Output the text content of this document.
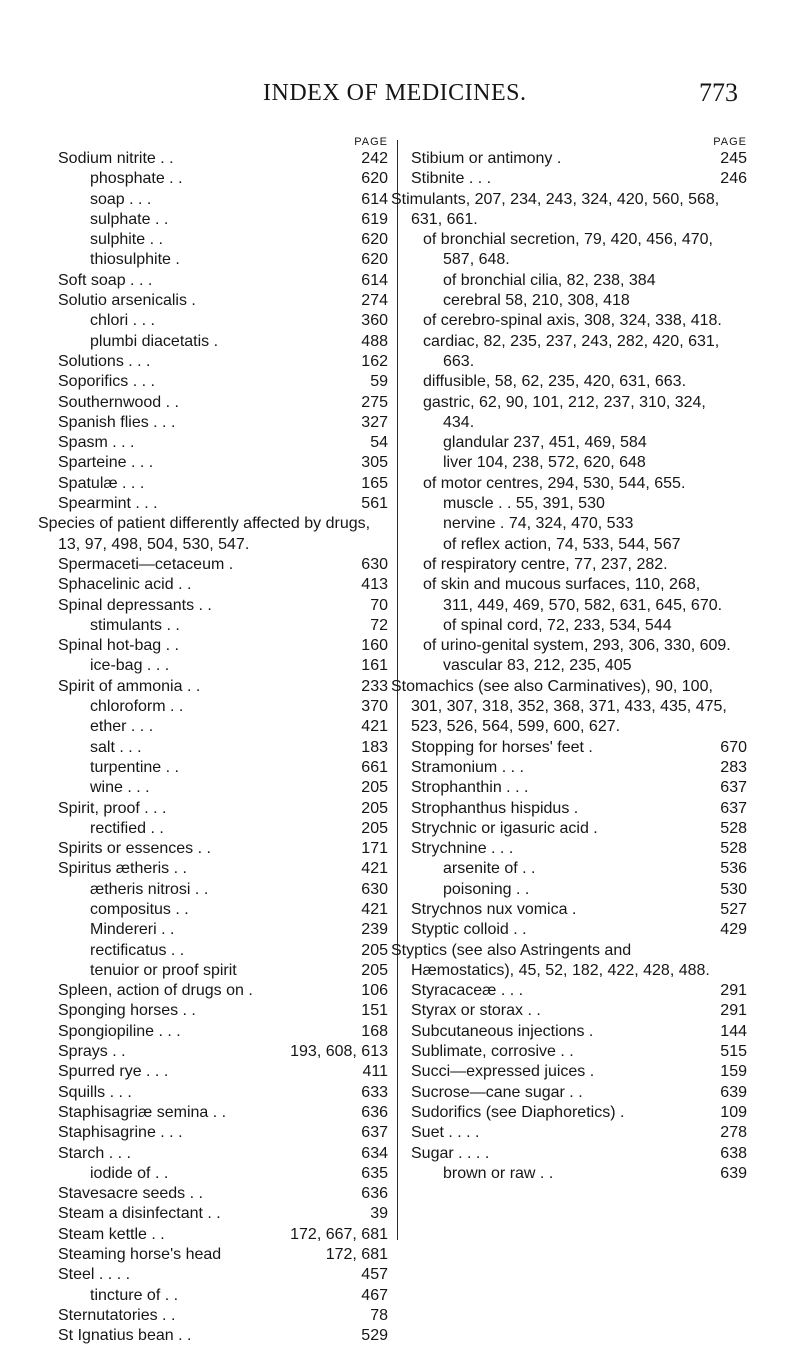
INDEX OF MEDICINES.	773
PAGE
Sodium nitrite . .	242
phosphate . .	620
soap . . .	614
sulphate . .	619
sulphite . .	620
thiosulphite .	620
Soft soap . . .	614
Solutio arsenicalis .	274
chlori . . .	360
plumbi diacetatis .	488
Solutions . . .	162
Soporifics . . .	59
Southernwood . .	275
Spanish flies . . .	327
Spasm . . .	54
Sparteine . . .	305
Spatulæ . . .	165
Spearmint . . .	561
Species of patient differently affected by drugs, 13, 97, 498, 504, 530, 547.
Spermaceti—cetaceum .	630
Sphacelinic acid . .	413
Spinal depressants . .	70
stimulants . .	72
Spinal hot-bag . .	160
ice-bag . . .	161
Spirit of ammonia . .	233
chloroform . .	370
ether . . .	421
salt . . .	183
turpentine . .	661
wine . . .	205
Spirit, proof . . .	205
rectified . .	205
Spirits or essences . .	171
Spiritus ætheris . .	421
ætheris nitrosi . .	630
compositus . .	421
Mindereri . .	239
rectificatus . .	205
tenuior or proof spirit	205
Spleen, action of drugs on .	106
Sponging horses . .	151
Spongiopiline . . .	168
Sprays . .	193, 608, 613
Spurred rye . . .	411
Squills . . .	633
Staphisagriæ semina . .	636
Staphisagrine . . .	637
Starch . . .	634
iodide of . .	635
Stavesacre seeds . .	636
Steam a disinfectant . .	39
Steam kettle . .	172, 667, 681
Steaming horse's head	172, 681
Steel . . . .	457
tincture of . .	467
Sternutatories . .	78
St Ignatius bean . .	529
PAGE
Stibium or antimony .	245
Stibnite . . .	246
Stimulants, 207, 234, 243, 324, 420, 560, 568, 631, 661.
of bronchial secretion, 79, 420, 456, 470, 587, 648.
of bronchial cilia, 82, 238, 384
cerebral 58, 210, 308, 418
of cerebro-spinal axis, 308, 324, 338, 418.
cardiac, 82, 235, 237, 243, 282, 420, 631, 663.
diffusible, 58, 62, 235, 420, 631, 663.
gastric, 62, 90, 101, 212, 237, 310, 324, 434.
glandular 237, 451, 469, 584
liver 104, 238, 572, 620, 648
of motor centres, 294, 530, 544, 655.
muscle . . 55, 391, 530
nervine . 74, 324, 470, 533
of reflex action, 74, 533, 544, 567
of respiratory centre, 77, 237, 282.
of skin and mucous surfaces, 110, 268, 311, 449, 469, 570, 582, 631, 645, 670.
of spinal cord, 72, 233, 534, 544
of urino-genital system, 293, 306, 330, 609.
vascular 83, 212, 235, 405
Stomachics (see also Carminatives), 90, 100, 301, 307, 318, 352, 368, 371, 433, 435, 475, 523, 526, 564, 599, 600, 627.
Stopping for horses' feet .	670
Stramonium . . .	283
Strophanthin . . .	637
Strophanthus hispidus .	637
Strychnic or igasuric acid .	528
Strychnine . . .	528
arsenite of . .	536
poisoning . .	530
Strychnos nux vomica .	527
Styptic colloid . .	429
Styptics (see also Astringents and Hæmostatics), 45, 52, 182, 422, 428, 488.
Styracaceæ . . .	291
Styrax or storax . .	291
Subcutaneous injections .	144
Sublimate, corrosive . .	515
Succi—expressed juices .	159
Sucrose—cane sugar . .	639
Sudorifics (see Diaphoretics) .	109
Suet . . . .	278
Sugar . . . .	638
brown or raw . .	639
